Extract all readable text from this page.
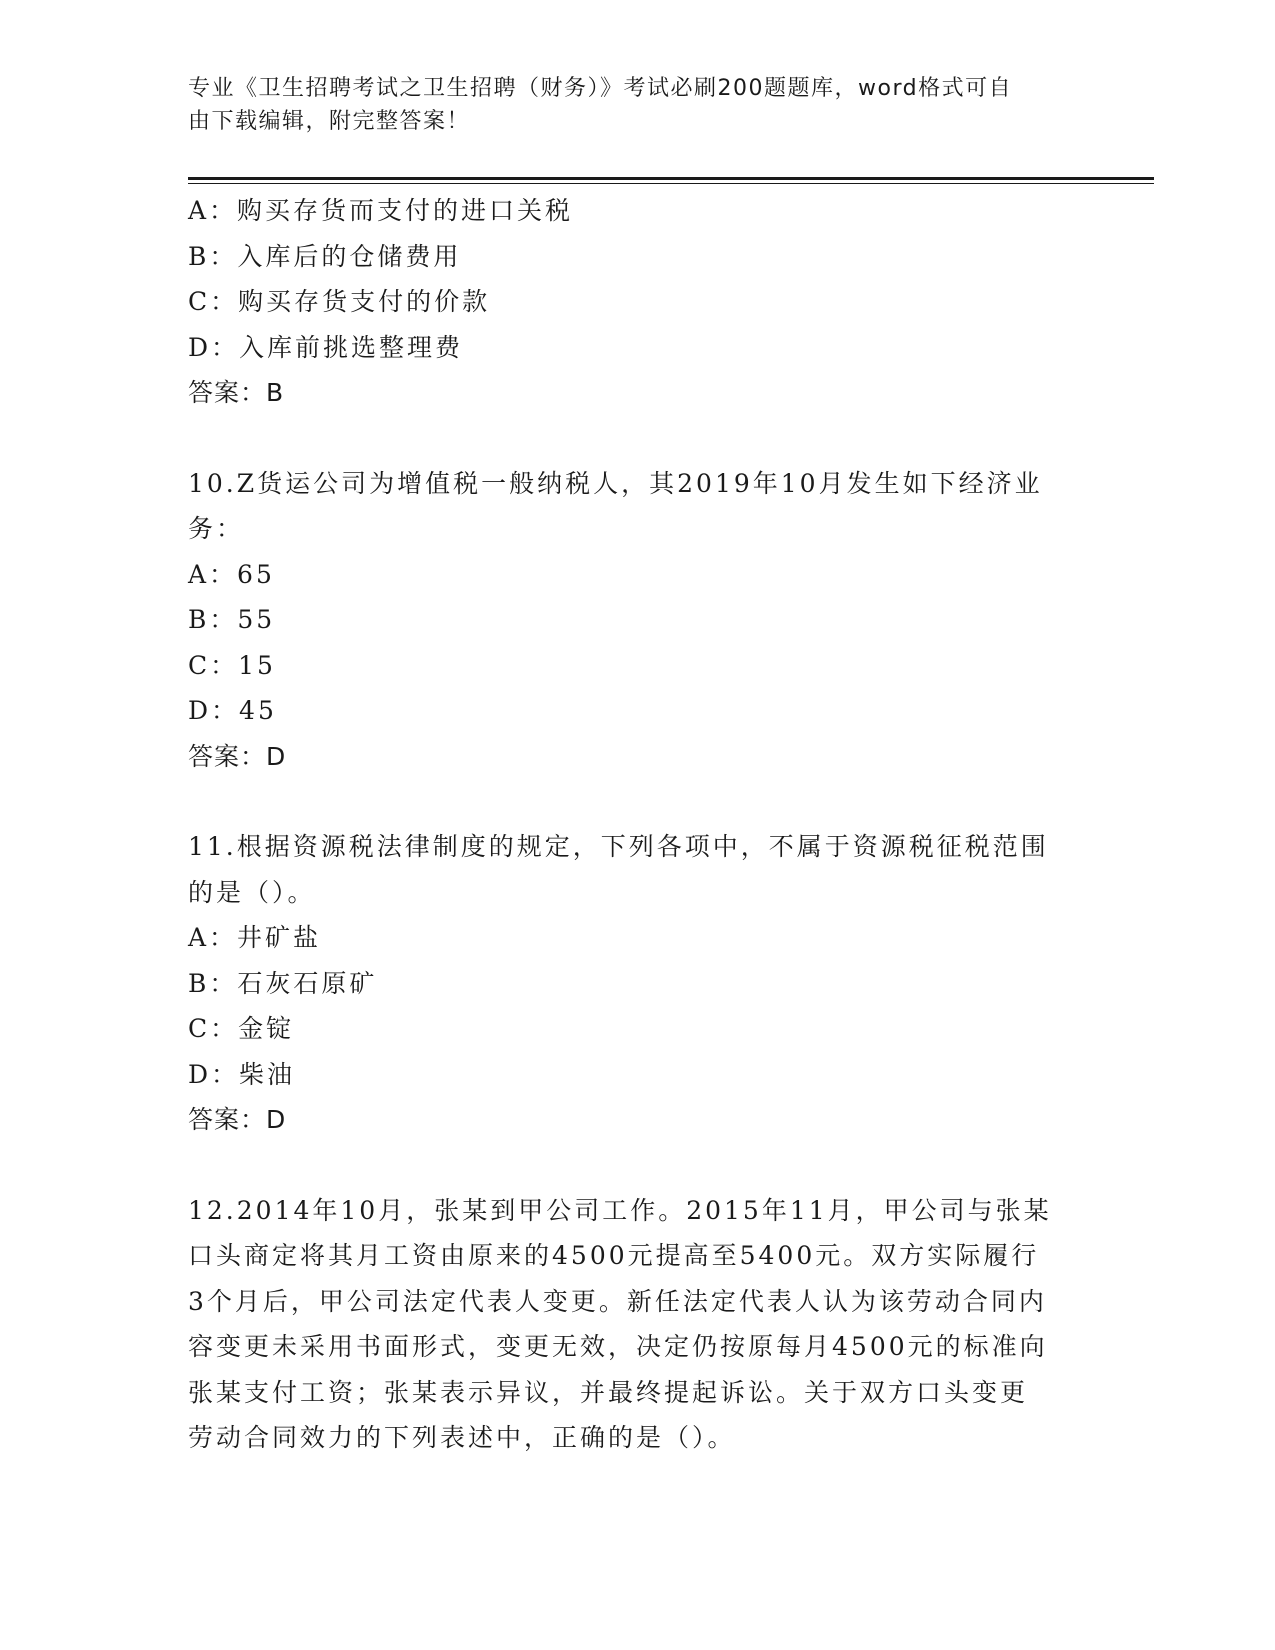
专业《卫生招聘考试之卫生招聘（财务）》考试必刷200题题库，word格式可自
由下载编辑，附完整答案！

A：购买存货而支付的进口关税

B：入库后的仓储费用

C：购买存货支付的价款

D：入库前挑选整理费

答案：B

10.Z货运公司为增值税一般纳税人，其2019年10月发生如下经济业

务：

A：65

B：55

C：15

D：45

答案：D

11.根据资源税法律制度的规定，下列各项中，不属于资源税征税范围

的是（）。

A：井矿盐

B：石灰石原矿

C：金锭

D：柴油

答案：D

12.2014年10月，张某到甲公司工作。2015年11月，甲公司与张某

口头商定将其月工资由原来的4500元提高至5400元。双方实际履行

3个月后，甲公司法定代表人变更。新任法定代表人认为该劳动合同内

容变更未采用书面形式，变更无效，决定仍按原每月4500元的标准向

张某支付工资；张某表示异议，并最终提起诉讼。关于双方口头变更

劳动合同效力的下列表述中，正确的是（）。
